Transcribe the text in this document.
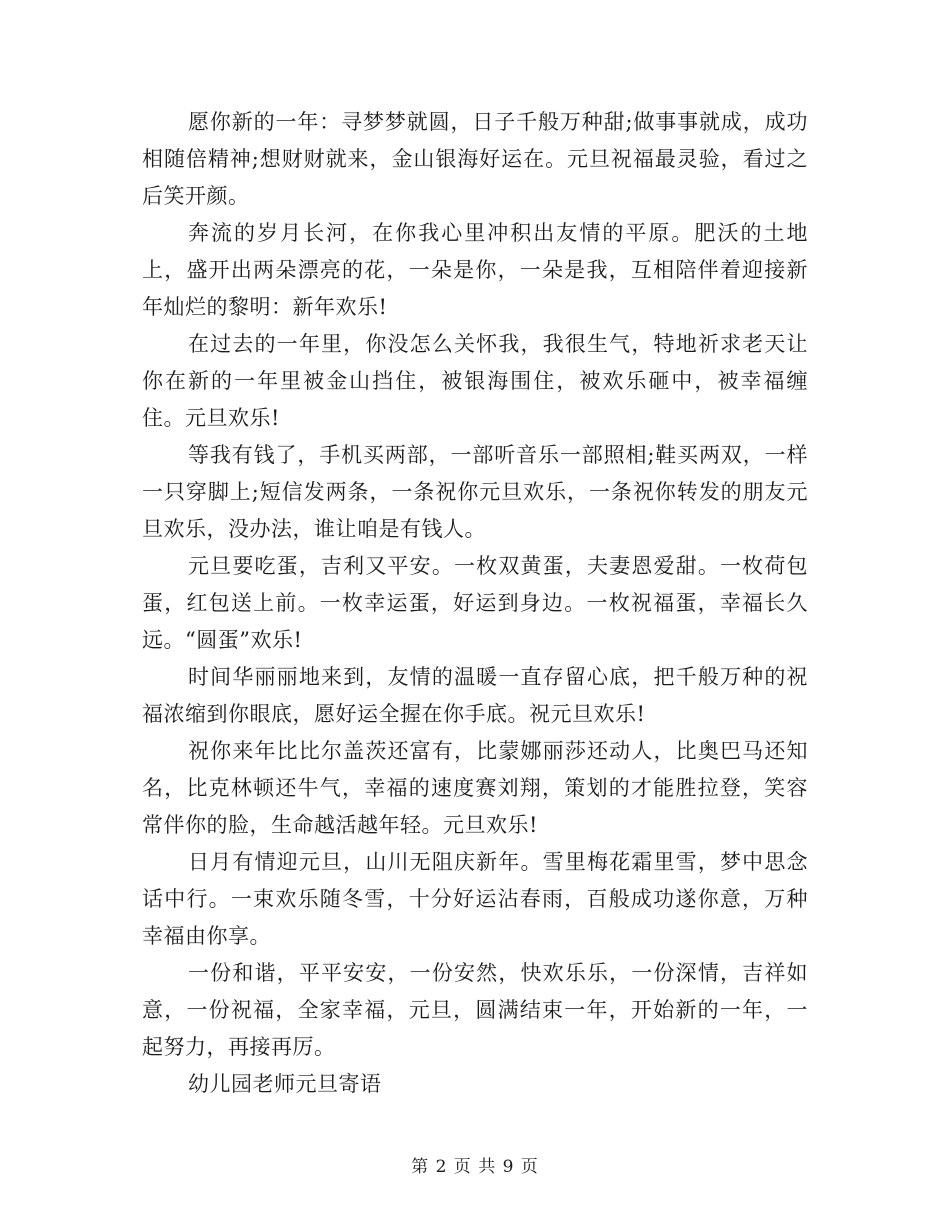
愿你新的一年：寻梦梦就圆，日子千般万种甜;做事事就成，成功相随倍精神;想财财就来，金山银海好运在。元旦祝福最灵验，看过之后笑开颜。

奔流的岁月长河，在你我心里冲积出友情的平原。肥沃的土地上，盛开出两朵漂亮的花，一朵是你，一朵是我，互相陪伴着迎接新年灿烂的黎明：新年欢乐!

在过去的一年里，你没怎么关怀我，我很生气，特地祈求老天让你在新的一年里被金山挡住，被银海围住，被欢乐砸中，被幸福缠住。元旦欢乐!

等我有钱了，手机买两部，一部听音乐一部照相;鞋买两双，一样一只穿脚上;短信发两条，一条祝你元旦欢乐，一条祝你转发的朋友元旦欢乐，没办法，谁让咱是有钱人。

元旦要吃蛋，吉利又平安。一枚双黄蛋，夫妻恩爱甜。一枚荷包蛋，红包送上前。一枚幸运蛋，好运到身边。一枚祝福蛋，幸福长久远。“圆蛋”欢乐!

时间华丽丽地来到，友情的温暖一直存留心底，把千般万种的祝福浓缩到你眼底，愿好运全握在你手底。祝元旦欢乐!

祝你来年比比尔盖茨还富有，比蒙娜丽莎还动人，比奥巴马还知名，比克林顿还牛气，幸福的速度赛刘翔，策划的才能胜拉登，笑容常伴你的脸，生命越活越年轻。元旦欢乐!

日月有情迎元旦，山川无阻庆新年。雪里梅花霜里雪，梦中思念话中行。一束欢乐随冬雪，十分好运沾春雨，百般成功遂你意，万种幸福由你享。

一份和谐，平平安安，一份安然，快欢乐乐，一份深情，吉祥如意，一份祝福，全家幸福，元旦，圆满结束一年，开始新的一年，一起努力，再接再厉。

幼儿园老师元旦寄语

第 2 页 共 9 页
